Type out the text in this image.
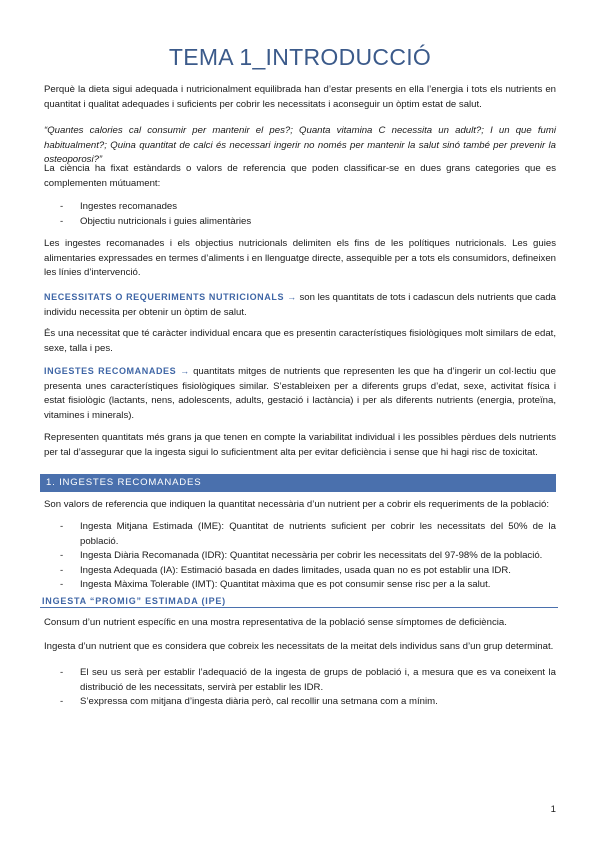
TEMA 1_INTRODUCCIÓ

Perquè la dieta sigui adequada i nutricionalment equilibrada han d’estar presents en ella l’energia i tots els nutrients en quantitat i qualitat adequades i suficients per cobrir les necessitats i aconseguir un òptim estat de salut.

“Quantes calories cal consumir per mantenir el pes?; Quanta vitamina C necessita un adult?; I un que fumi habitualment?; Quina quantitat de calci és necessari ingerir no només per mantenir la salut sinó també per prevenir la osteoporosi?”

La ciència ha fixat estàndards o valors de referencia que poden classificar-se en dues grans categories que es complementen mútuament:

- Ingestes recomanades
- Objectiu nutricionals i guies alimentàries

Les ingestes recomanades i els objectius nutricionals delimiten els fins de les polítiques nutricionals. Les guies alimentaries expressades en termes d’aliments i en llenguatge directe, assequible per a tots els consumidors, defineixen les línies d’intervenció.

NECESSITATS O REQUERIMENTS NUTRICIONALS → son les quantitats de tots i cadascun dels nutrients que cada individu necessita per obtenir un òptim de salut.

És una necessitat que té caràcter individual encara que es presentin característiques fisiològiques molt similars de edat, sexe, talla i pes.

INGESTES RECOMANADES → quantitats mitges de nutrients que representen les que ha d’ingerir un col·lectiu que presenta unes característiques fisiològiques similar. S’estableixen per a diferents grups d’edat, sexe, activitat física i estat fisiològic (lactants, nens, adolescents, adults, gestació i lactància) i per als diferents nutrients (energia, proteïna, vitamines i minerals).

Representen quantitats més grans ja que tenen en compte la variabilitat individual i les possibles pèrdues dels nutrients per tal d’assegurar que la ingesta sigui lo suficientment alta per evitar deficiència i sense que hi hagi risc de toxicitat.

1. INGESTES RECOMANADES

Son valors de referencia que indiquen la quantitat necessària d’un nutrient per a cobrir els requeriments de la població:

- Ingesta Mitjana Estimada (IME): Quantitat de nutrients suficient per cobrir les necessitats del 50% de la població.
- Ingesta Diària Recomanada (IDR): Quantitat necessària per cobrir les necessitats del 97-98% de la població.
- Ingesta Adequada (IA): Estimació basada en dades limitades, usada quan no es pot establir una IDR.
- Ingesta Màxima Tolerable (IMT): Quantitat màxima que es pot consumir sense risc per a la salut.
INGESTA “PROMIG” ESTIMADA (IPE)

Consum d’un nutrient específic en una mostra representativa de la població sense símptomes de deficiència.

Ingesta d’un nutrient que es considera que cobreix les necessitats de la meitat dels individus sans d’un grup determinat.

- El seu us serà per establir l’adequació de la ingesta de grups de població i, a mesura que es va coneixent la distribució de les necessitats, servirà per establir les IDR.
- S’expressa com mitjana d’ingesta diària però, cal recollir una setmana com a mínim.
1
